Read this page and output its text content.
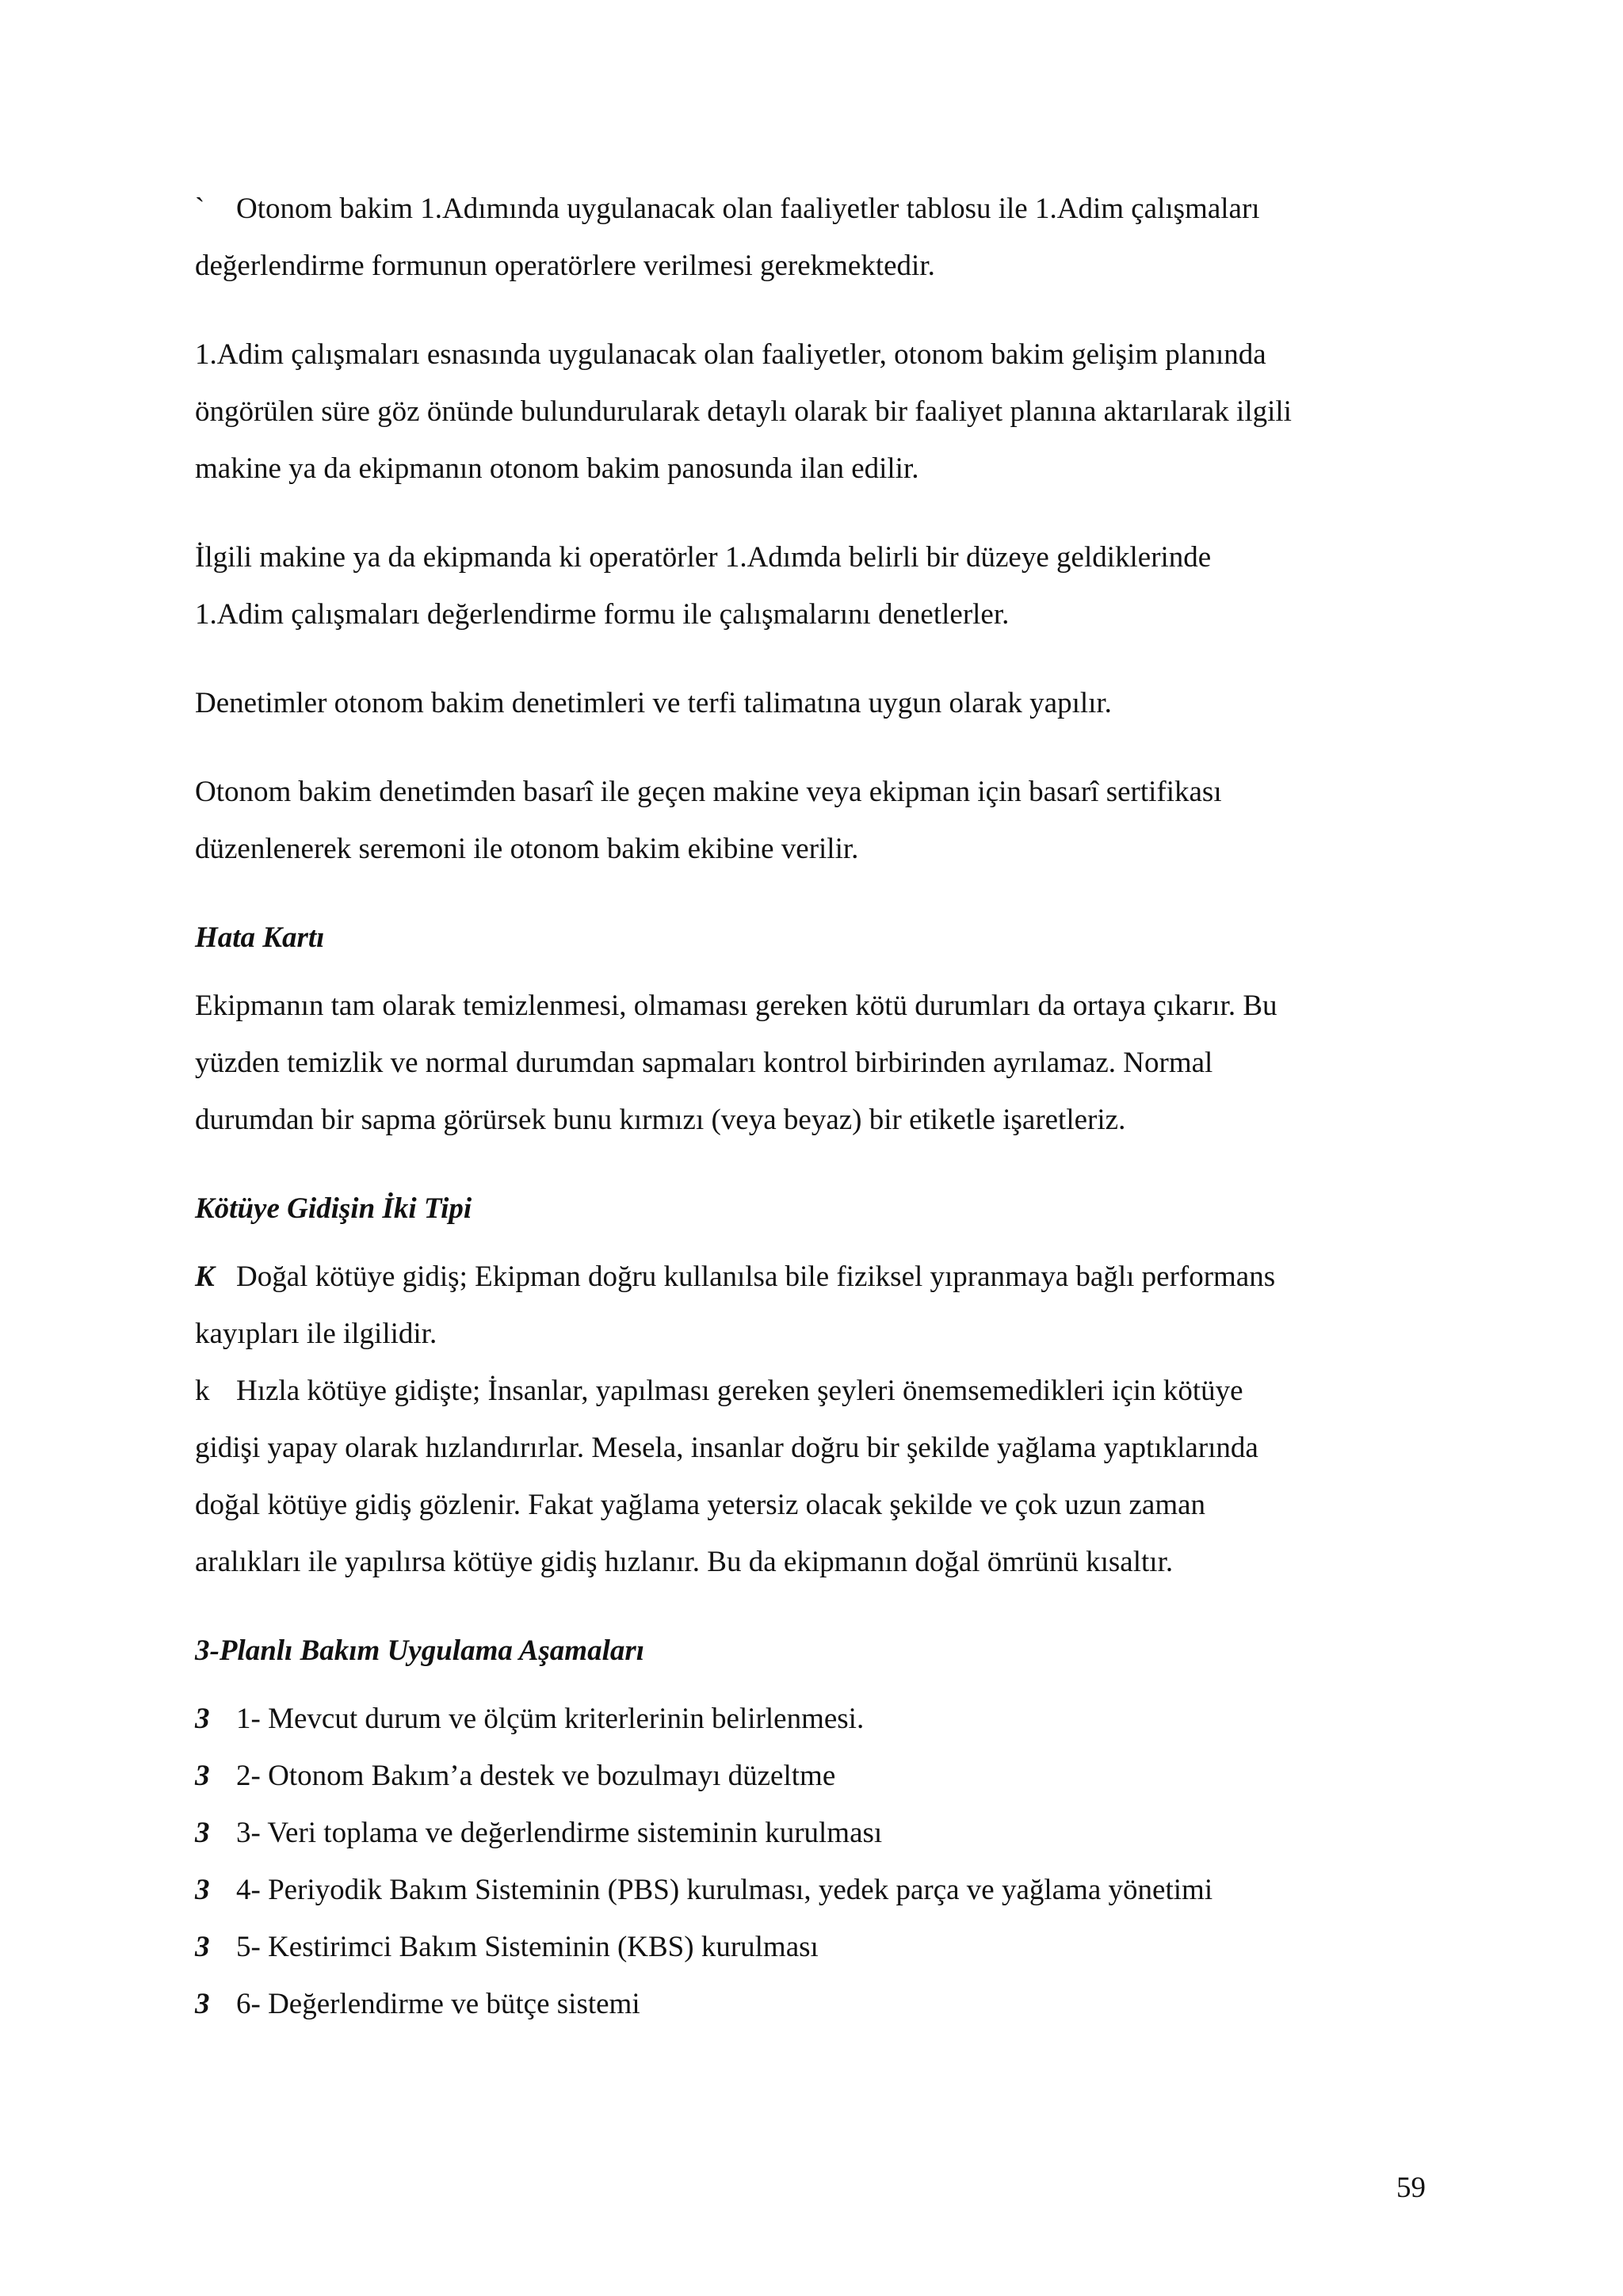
` Otonom bakim 1.Adımında uygulanacak olan faaliyetler tablosu ile 1.Adim çalışmaları
değerlendirme formunun operatörlere verilmesi gerekmektedir.
1.Adim çalışmaları esnasında uygulanacak olan faaliyetler, otonom bakim gelişim planında
öngörülen süre göz önünde bulundurularak detaylı olarak bir faaliyet planına aktarılarak ilgili
makine ya da ekipmanın otonom bakim panosunda ilan edilir.
İlgili makine ya da ekipmanda ki operatörler 1.Adımda belirli bir düzeye geldiklerinde
1.Adim çalışmaları değerlendirme formu ile çalışmalarını denetlerler.
Denetimler otonom bakim denetimleri ve terfi talimatına uygun olarak yapılır.
Otonom bakim denetimden basarî ile geçen makine veya ekipman için basarî sertifikası
düzenlenerek seremoni ile otonom bakim ekibine verilir.
Hata Kartı
Ekipmanın tam olarak temizlenmesi, olmaması gereken kötü durumları da ortaya çıkarır. Bu
yüzden temizlik ve normal durumdan sapmaları kontrol birbirinden ayrılamaz. Normal
durumdan bir sapma görürsek bunu kırmızı (veya beyaz) bir etiketle işaretleriz.
Kötüye Gidişin İki Tipi
K Doğal kötüye gidiş; Ekipman doğru kullanılsa bile fiziksel yıpranmaya bağlı performans
kayıpları ile ilgilidir.
k Hızla kötüye gidişte; İnsanlar, yapılması gereken şeyleri önemsemedikleri için kötüye
gidişi yapay olarak hızlandırırlar. Mesela, insanlar doğru bir şekilde yağlama yaptıklarında
doğal kötüye gidiş gözlenir. Fakat yağlama yetersiz olacak şekilde ve çok uzun zaman
aralıkları ile yapılırsa kötüye gidiş hızlanır. Bu da ekipmanın doğal ömrünü kısaltır.
3-Planlı Bakım Uygulama Aşamaları
3 1- Mevcut durum ve ölçüm kriterlerinin belirlenmesi.
3 2- Otonom Bakım’a destek ve bozulmayı düzeltme
3 3- Veri toplama ve değerlendirme sisteminin kurulması
3 4- Periyodik Bakım Sisteminin (PBS) kurulması, yedek parça ve yağlama yönetimi
3 5- Kestirimci Bakım Sisteminin (KBS) kurulması
3 6- Değerlendirme ve bütçe sistemi
59
